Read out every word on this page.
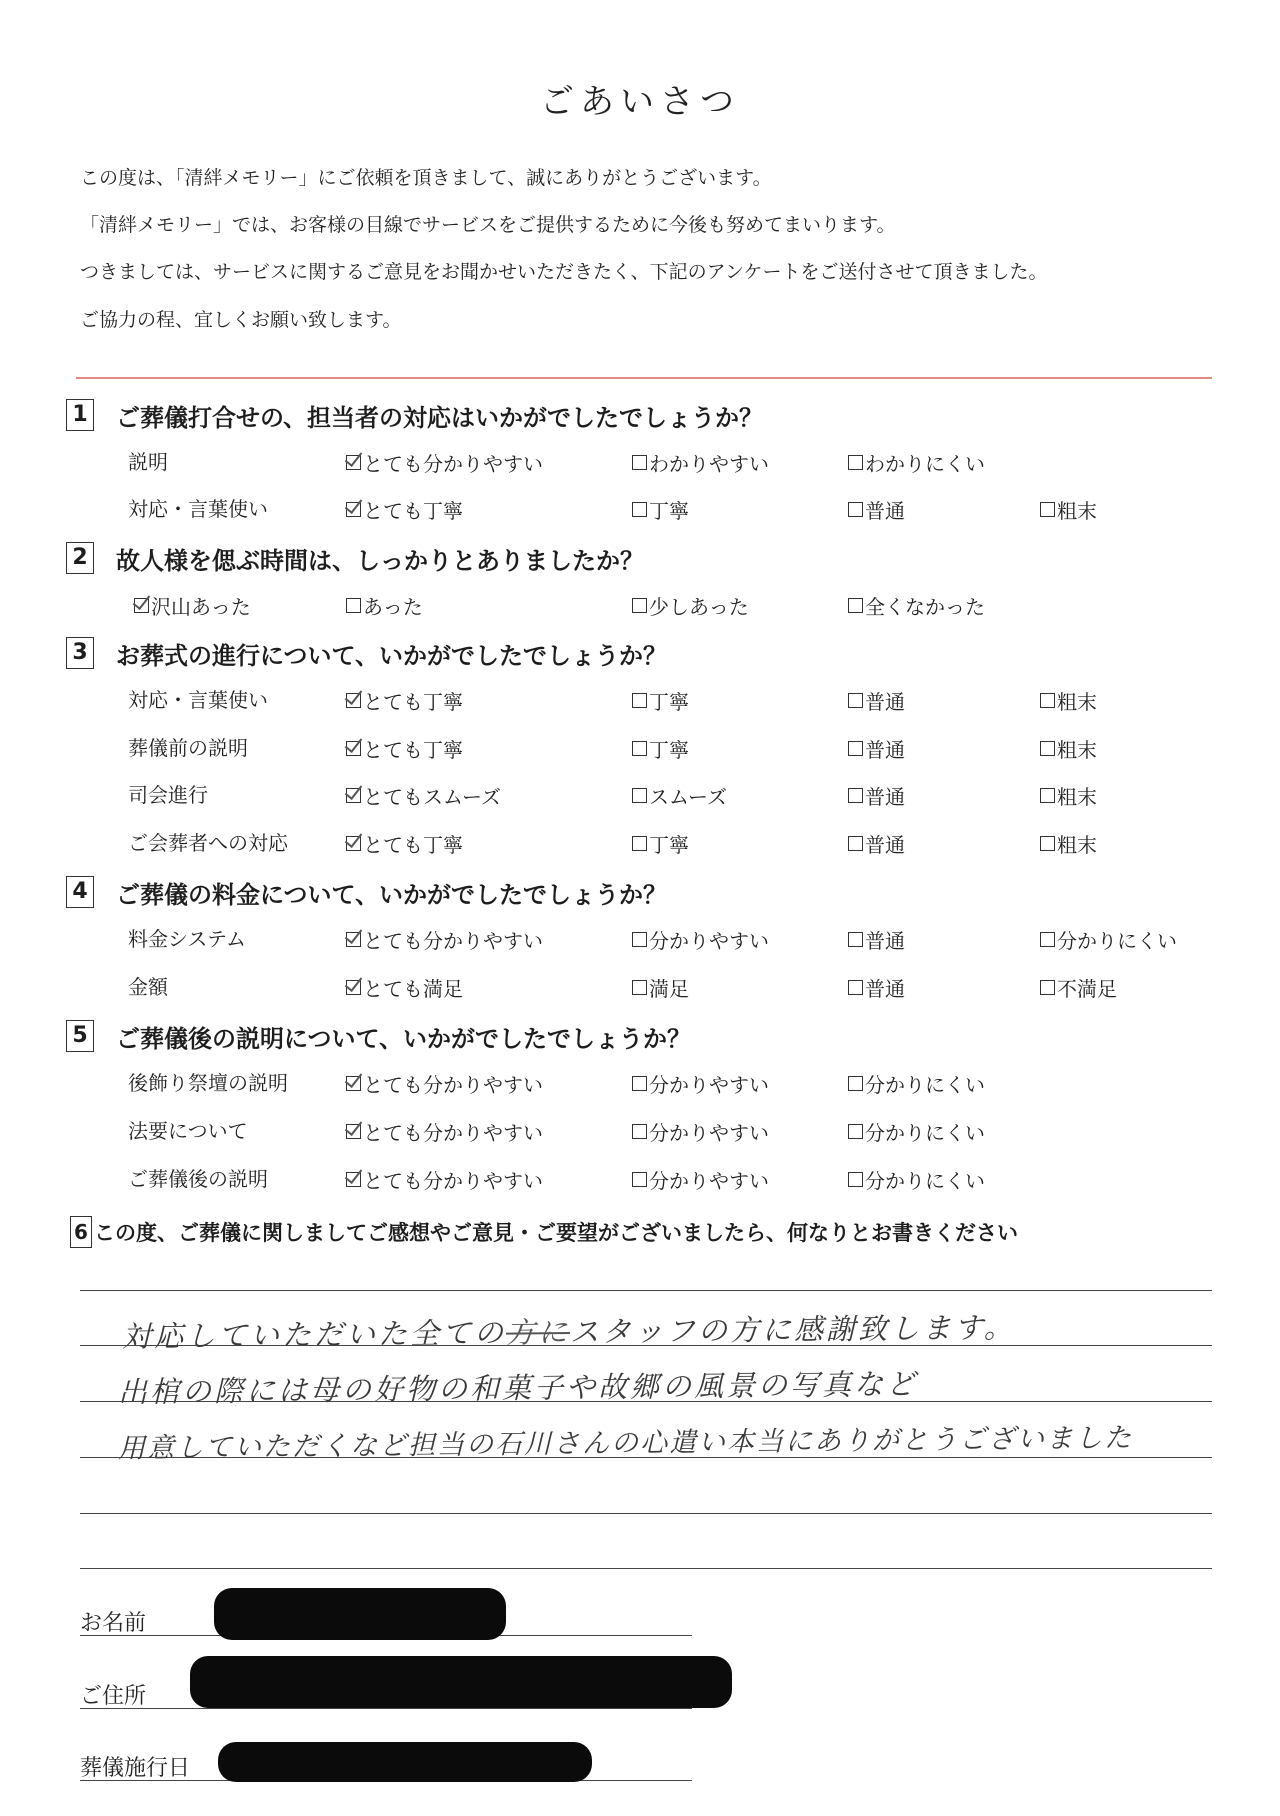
ごあいさつ
この度は、「清絆メモリー」にご依頼を頂きまして、誠にありがとうございます。
「清絆メモリー」では、お客様の目線でサービスをご提供するために今後も努めてまいります。
つきましては、サービスに関するご意見をお聞かせいただきたく、下記のアンケートをご送付させて頂きました。
ご協力の程、宜しくお願い致します。
1 ご葬儀打合せの、担当者の対応はいかがでしたでしょうか？
説明	とても分かりやすい	わかりやすい	わかりにくい
対応・言葉使い	とても丁寧	丁寧	普通	粗末
2 故人様を偲ぶ時間は、しっかりとありましたか？
沢山あった	あった	少しあった	全くなかった
3 お葬式の進行について、いかがでしたでしょうか？
対応・言葉使い	とても丁寧	丁寧	普通	粗末
葬儀前の説明	とても丁寧	丁寧	普通	粗末
司会進行	とてもスムーズ	スムーズ	普通	粗末
ご会葬者への対応	とても丁寧	丁寧	普通	粗末
4 ご葬儀の料金について、いかがでしたでしょうか？
料金システム	とても分かりやすい	分かりやすい	普通	分かりにくい
金額	とても満足	満足	普通	不満足
5 ご葬儀後の説明について、いかがでしたでしょうか？
後飾り祭壇の説明	とても分かりやすい	分かりやすい	分かりにくい
法要について	とても分かりやすい	分かりやすい	分かりにくい
ご葬儀後の説明	とても分かりやすい	分かりやすい	分かりにくい
6 この度、ご葬儀に関しましてご感想やご意見・ご要望がございましたら、何なりとお書きください
対応していただいた全ての方にスタッフの方に感謝致します。
出棺の際には母の好物の和菓子や故郷の風景の写真など
用意していただくなど担当の石川さんの心遣い本当にありがとうございました
お名前
ご住所
葬儀施行日
